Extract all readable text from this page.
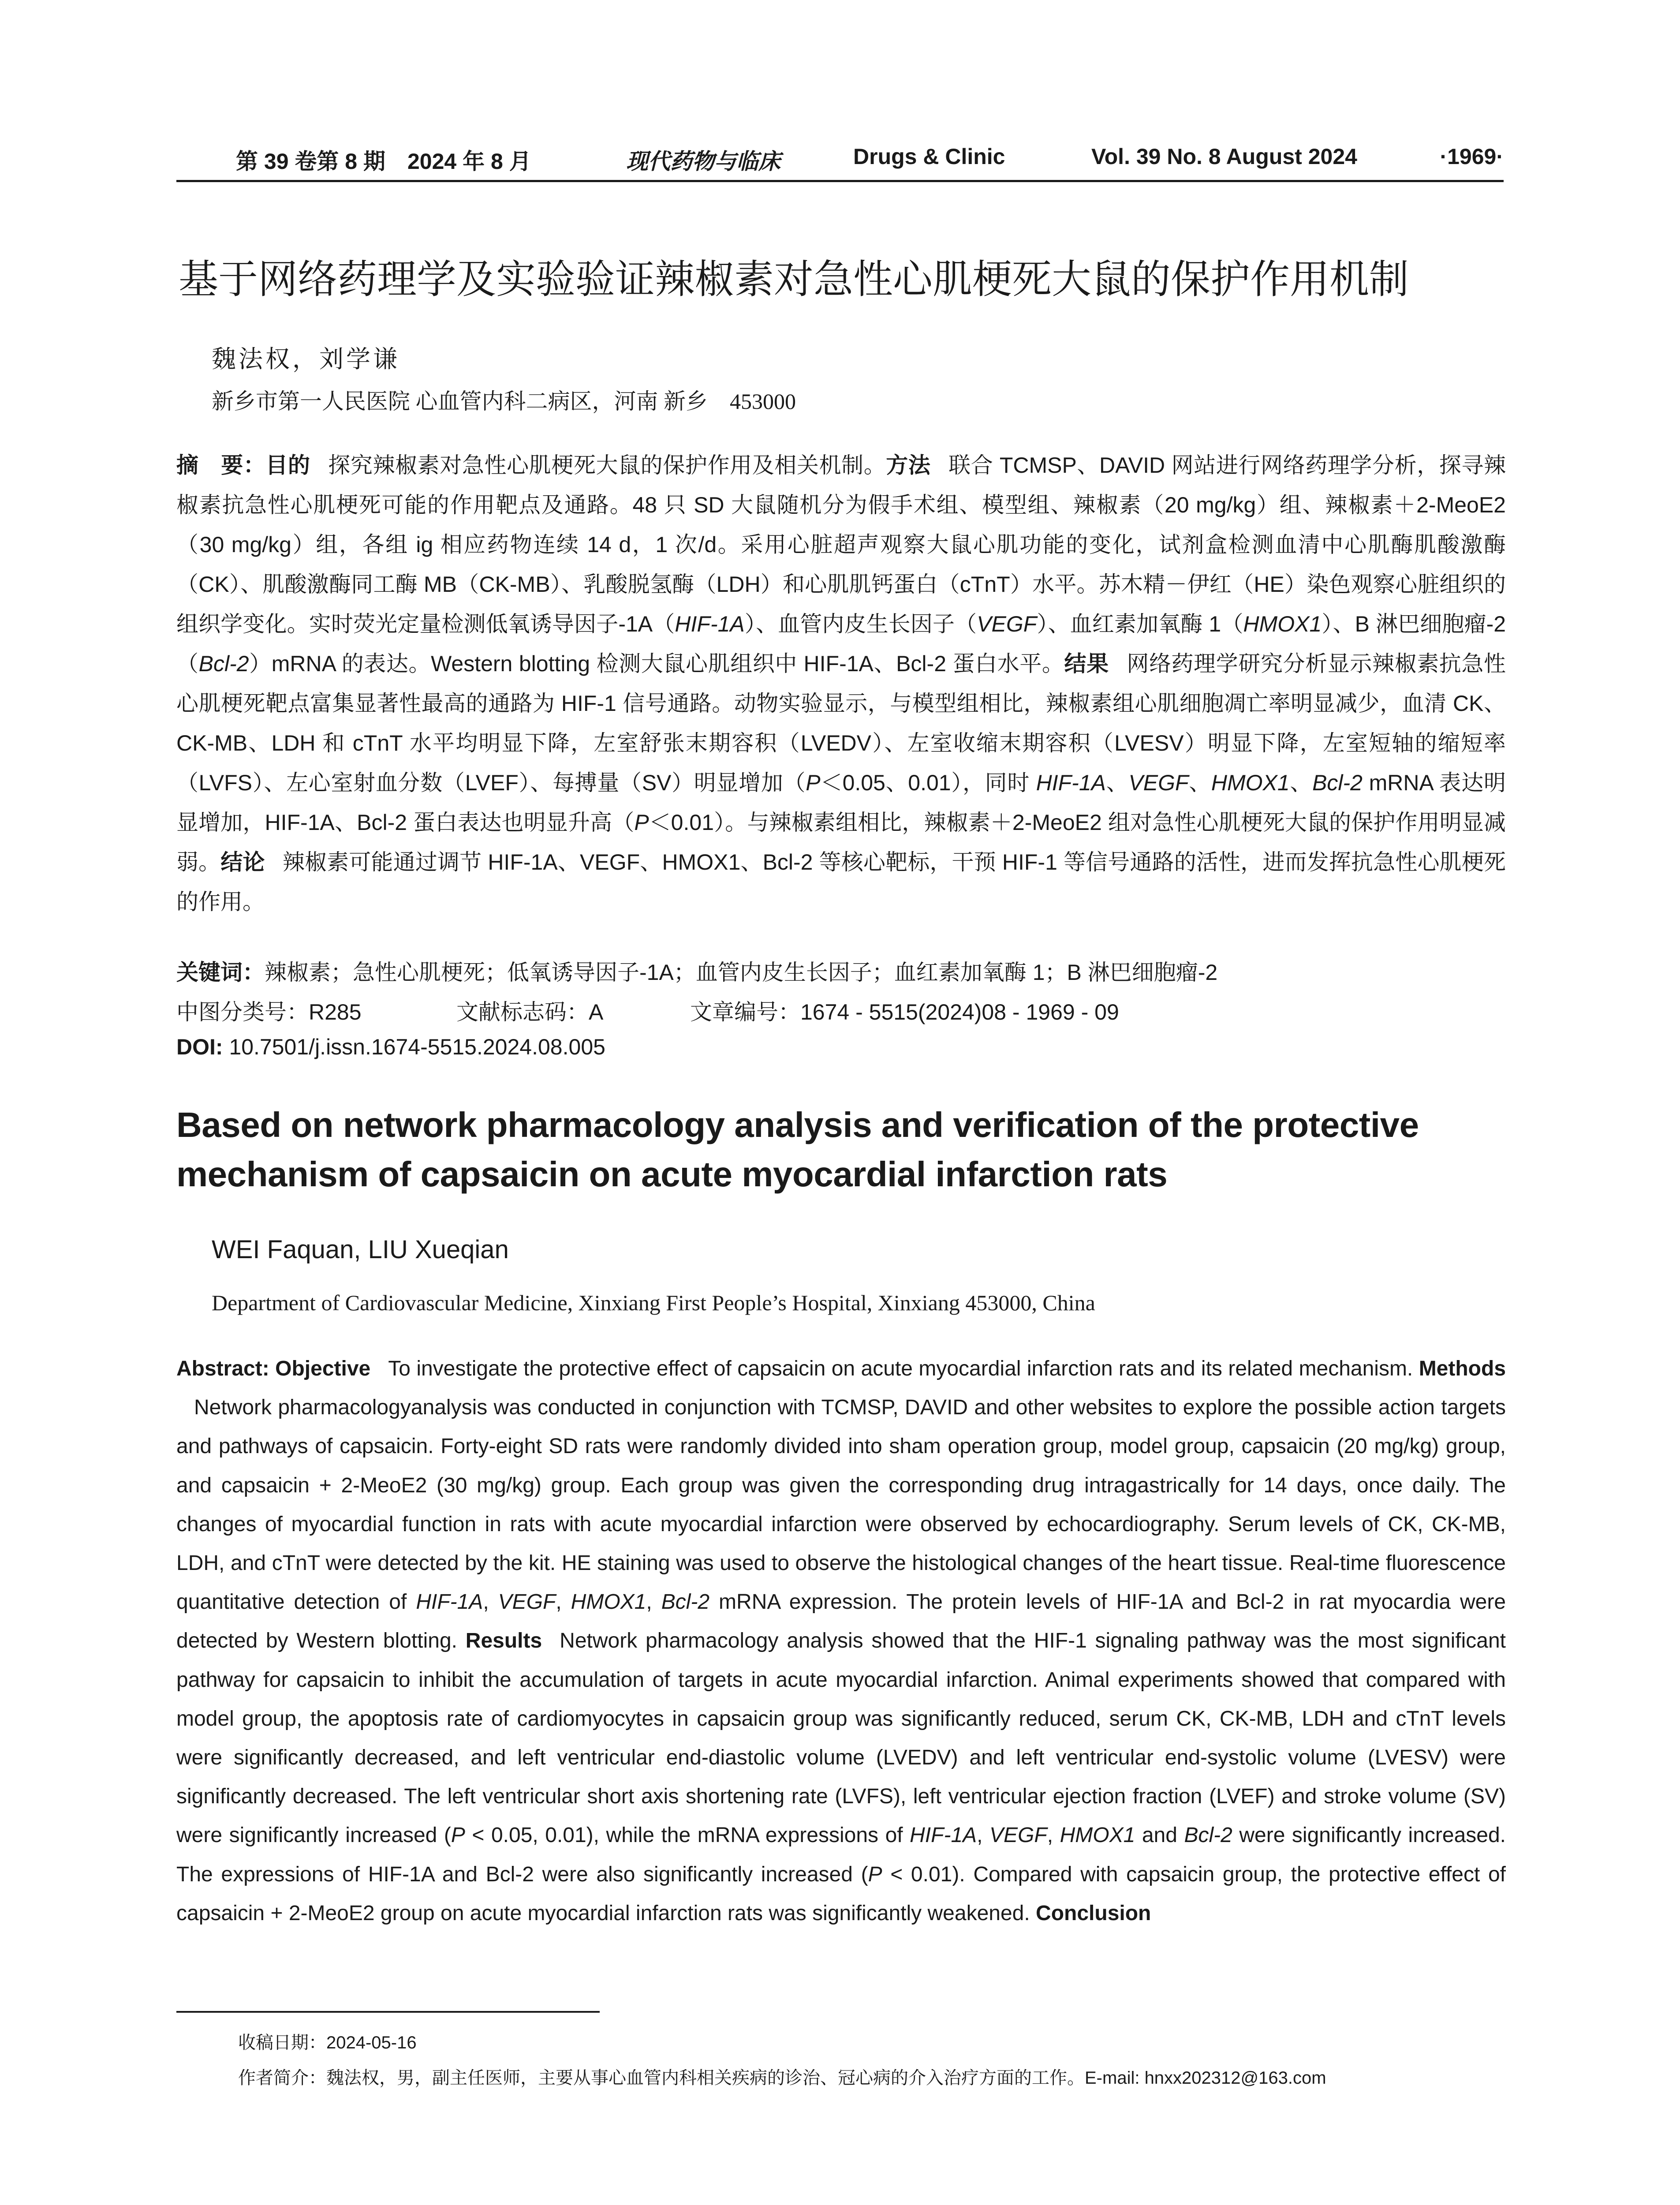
第 39 卷第 8 期　2024 年 8 月	现代药物与临床	Drugs & Clinic	Vol. 39 No. 8 August 2024	·1969·
基于网络药理学及实验验证辣椒素对急性心肌梗死大鼠的保护作用机制
魏法权，刘学谦
新乡市第一人民医院 心血管内科二病区，河南 新乡　453000
摘　要：目的 探究辣椒素对急性心肌梗死大鼠的保护作用及相关机制。方法 联合 TCMSP、DAVID 网站进行网络药理学分析，探寻辣椒素抗急性心肌梗死可能的作用靶点及通路。48 只 SD 大鼠随机分为假手术组、模型组、辣椒素（20 mg/kg）组、辣椒素＋2-MeoE2（30 mg/kg）组，各组 ig 相应药物连续 14 d，1 次/d。采用心脏超声观察大鼠心肌功能的变化，试剂盒检测血清中心肌酶肌酸激酶（CK）、肌酸激酶同工酶 MB（CK-MB）、乳酸脱氢酶（LDH）和心肌肌钙蛋白（cTnT）水平。苏木精－伊红（HE）染色观察心脏组织的组织学变化。实时荧光定量检测低氧诱导因子-1A（HIF-1A）、血管内皮生长因子（VEGF）、血红素加氧酶 1（HMOX1）、B 淋巴细胞瘤-2（Bcl-2）mRNA 的表达。Western blotting 检测大鼠心肌组织中 HIF-1A、Bcl-2 蛋白水平。结果 网络药理学研究分析显示辣椒素抗急性心肌梗死靶点富集显著性最高的通路为 HIF-1 信号通路。动物实验显示，与模型组相比，辣椒素组心肌细胞凋亡率明显减少，血清 CK、CK-MB、LDH 和 cTnT 水平均明显下降，左室舒张末期容积（LVEDV）、左室收缩末期容积（LVESV）明显下降，左室短轴的缩短率（LVFS）、左心室射血分数（LVEF）、每搏量（SV）明显增加（P＜0.05、0.01），同时 HIF-1A、VEGF、HMOX1、Bcl-2 mRNA 表达明显增加，HIF-1A、Bcl-2 蛋白表达也明显升高（P＜0.01）。与辣椒素组相比，辣椒素＋2-MeoE2 组对急性心肌梗死大鼠的保护作用明显减弱。结论 辣椒素可能通过调节 HIF-1A、VEGF、HMOX1、Bcl-2 等核心靶标，干预 HIF-1 等信号通路的活性，进而发挥抗急性心肌梗死的作用。
关键词：辣椒素；急性心肌梗死；低氧诱导因子-1A；血管内皮生长因子；血红素加氧酶 1；B 淋巴细胞瘤-2
中图分类号：R285	文献标志码：A	文章编号：1674 - 5515(2024)08 - 1969 - 09
DOI: 10.7501/j.issn.1674-5515.2024.08.005
Based on network pharmacology analysis and verification of the protective mechanism of capsaicin on acute myocardial infarction rats
WEI Faquan, LIU Xueqian
Department of Cardiovascular Medicine, Xinxiang First People’s Hospital, Xinxiang 453000, China
Abstract: Objective To investigate the protective effect of capsaicin on acute myocardial infarction rats and its related mechanism. MethodsNetwork pharmacologyanalysis was conducted in conjunction with TCMSP, DAVID and other websites to explore the possible action targets and pathways of capsaicin. Forty-eight SD rats were randomly divided into sham operation group, model group, capsaicin (20 mg/kg) group, and capsaicin + 2-MeoE2 (30 mg/kg) group. Each group was given the corresponding drug intragastrically for 14 days, once daily. The changes of myocardial function in rats with acute myocardial infarction were observed by echocardiography. Serum levels of CK, CK-MB, LDH, and cTnT were detected by the kit. HE staining was used to observe the histological changes of the heart tissue. Real-time fluorescence quantitative detection of HIF-1A, VEGF, HMOX1, Bcl-2 mRNA expression. The protein levels of HIF-1A and Bcl-2 in rat myocardia were detected by Western blotting. Results Network pharmacology analysis showed that the HIF-1 signaling pathway was the most significant pathway for capsaicin to inhibit the accumulation of targets in acute myocardial infarction. Animal experiments showed that compared with model group, the apoptosis rate of cardiomyocytes in capsaicin group was significantly reduced, serum CK, CK-MB, LDH and cTnT levels were significantly decreased, and left ventricular end-diastolic volume (LVEDV) and left ventricular end-systolic volume (LVESV) were significantly decreased. The left ventricular short axis shortening rate (LVFS), left ventricular ejection fraction (LVEF) and stroke volume (SV) were significantly increased (P < 0.05, 0.01), while the mRNA expressions of HIF-1A, VEGF, HMOX1 and Bcl-2 were significantly increased. The expressions of HIF-1A and Bcl-2 were also significantly increased (P < 0.01). Compared with capsaicin group, the protective effect of capsaicin + 2-MeoE2 group on acute myocardial infarction rats was significantly weakened. Conclusion
收稿日期：2024-05-16
作者简介：魏法权，男，副主任医师，主要从事心血管内科相关疾病的诊治、冠心病的介入治疗方面的工作。E-mail: hnxx202312@163.com
